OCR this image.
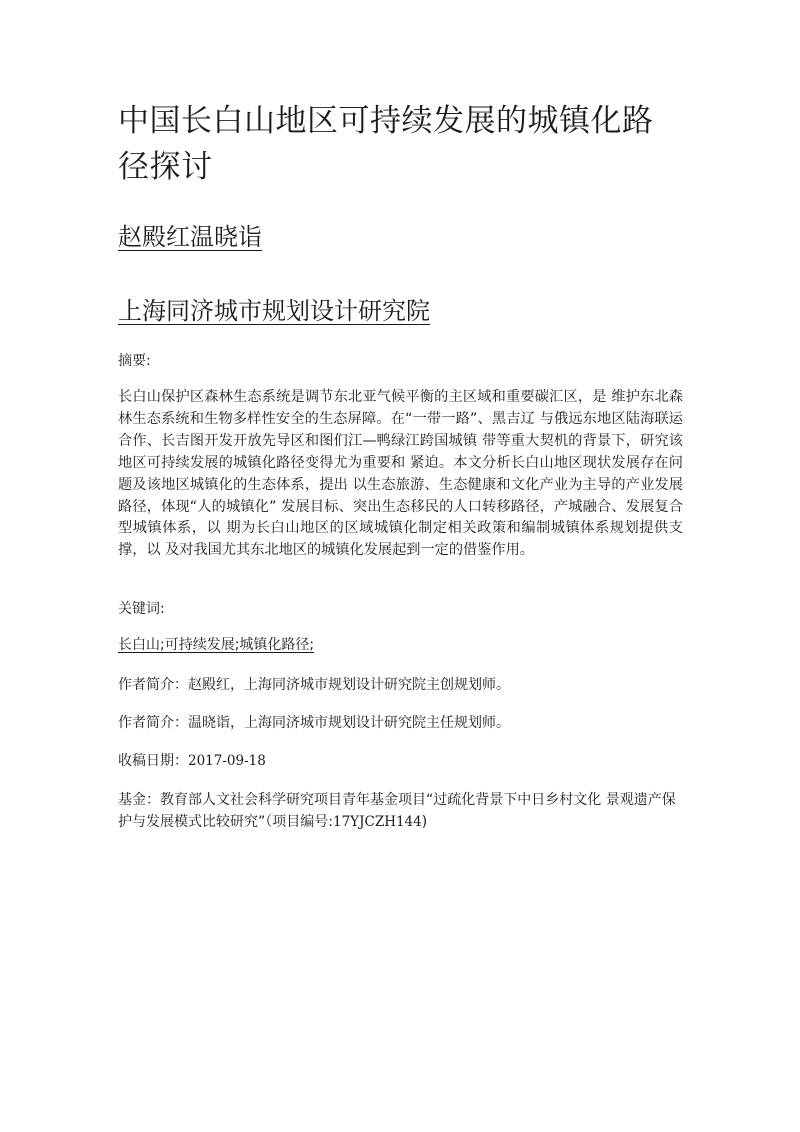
中国长白山地区可持续发展的城镇化路径探讨

赵殿红温晓诣

上海同济城市规划设计研究院

摘要:

长白山保护区森林生态系统是调节东北亚气候平衡的主区域和重要碳汇区，是 维护东北森林生态系统和生物多样性安全的生态屏障。在“一带一路”、黑吉辽 与俄远东地区陆海联运合作、长吉图开发开放先导区和图们江—鸭绿江跨国城镇 带等重大契机的背景下，研究该地区可持续发展的城镇化路径变得尤为重要和 紧迫。本文分析长白山地区现状发展存在问题及该地区城镇化的生态体系，提出 以生态旅游、生态健康和文化产业为主导的产业发展路径，体现“人的城镇化” 发展目标、突出生态移民的人口转移路径，产城融合、发展复合型城镇体系，以 期为长白山地区的区域城镇化制定相关政策和编制城镇体系规划提供支撑，以 及对我国尤其东北地区的城镇化发展起到一定的借鉴作用。

关键词:

长白山;可持续发展;城镇化路径;

作者简介：赵殿红，上海同济城市规划设计研究院主创规划师。

作者简介：温晓诣，上海同济城市规划设计研究院主任规划师。

收稿日期：2017-09-18

基金：教育部人文社会科学研究项目青年基金项目“过疏化背景下中日乡村文化 景观遗产保护与发展模式比较研究”（项目编号:17YJCZH144)
